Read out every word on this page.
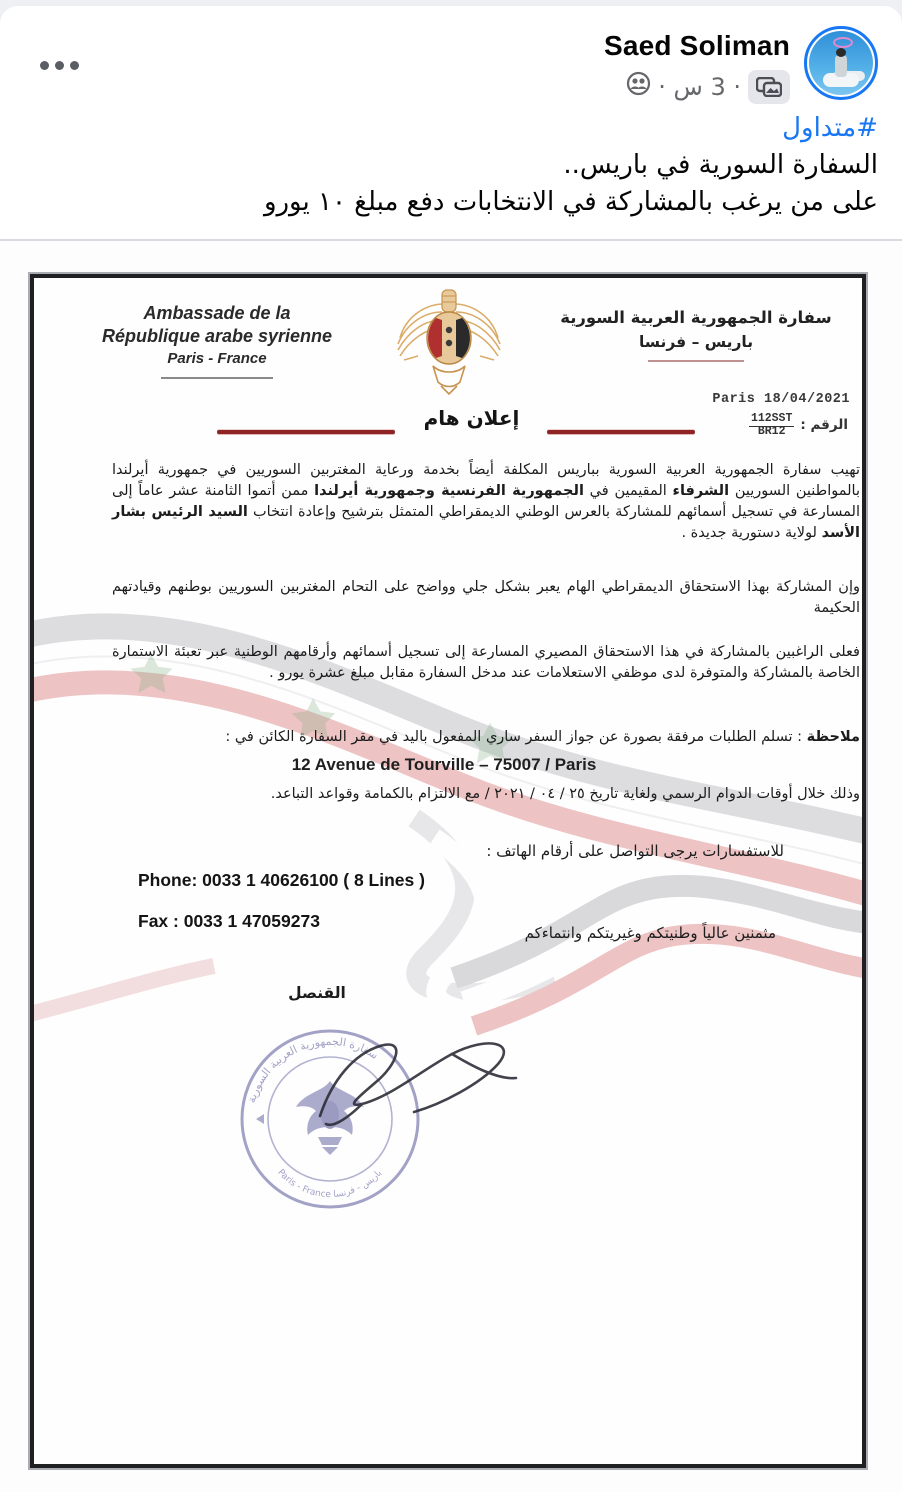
Saed Soliman
· 3 س ·
#متداول
السفارة السورية في باريس..
على من يرغب بالمشاركة في الانتخابات دفع مبلغ ١٠ يورو
Ambassade de la
République arabe syrienne
Paris - France
سفارة الجمهورية العربية السورية
باريس – فرنسا
Paris 18/04/2021
الرقم :
$\frac{\text{112SST}}{BR12}$
إعلان هام
تهيب سفارة الجمهورية العربية السورية بباريس المكلفة أيضاً بخدمة ورعاية المغتربين السوريين في جمهورية أيرلندا بالمواطنين السوريين الشرفاء المقيمين في الجمهورية الفرنسية وجمهورية أيرلندا ممن أتموا الثامنة عشر عاماً إلى المسارعة في تسجيل أسمائهم للمشاركة بالعرس الوطني الديمقراطي المتمثل بترشيح وإعادة انتخاب السيد الرئيس بشار الأسد لولاية دستورية جديدة .
وإن المشاركة بهذا الاستحقاق الديمقراطي الهام يعبر بشكل جلي وواضح على التحام المغتربين السوريين بوطنهم وقيادتهم الحكيمة
فعلى الراغبين بالمشاركة في هذا الاستحقاق المصيري المسارعة إلى تسجيل أسمائهم وأرقامهم الوطنية عبر تعبئة الاستمارة الخاصة بالمشاركة والمتوفرة لدى موظفي الاستعلامات عند مدخل السفارة مقابل مبلغ عشرة يورو .
ملاحظة : تسلم الطلبات مرفقة بصورة عن جواز السفر ساري المفعول باليد في مقر السفارة الكائن في :
12 Avenue de Tourville – 75007 / Paris
وذلك خلال أوقات الدوام الرسمي ولغاية تاريخ ٢٥ / ٠٤ / ٢٠٢١ / مع الالتزام بالكمامة وقواعد التباعد.
للاستفسارات يرجى التواصل على أرقام الهاتف :
Phone: 0033 1 40626100 ( 8 Lines )
Fax : 0033 1 47059273
مثمنين عالياً وطنيتكم وغيريتكم وانتماءكم
القنصل
سفارة الجمهورية العربية السورية
Paris - France باريس - فرنسا
